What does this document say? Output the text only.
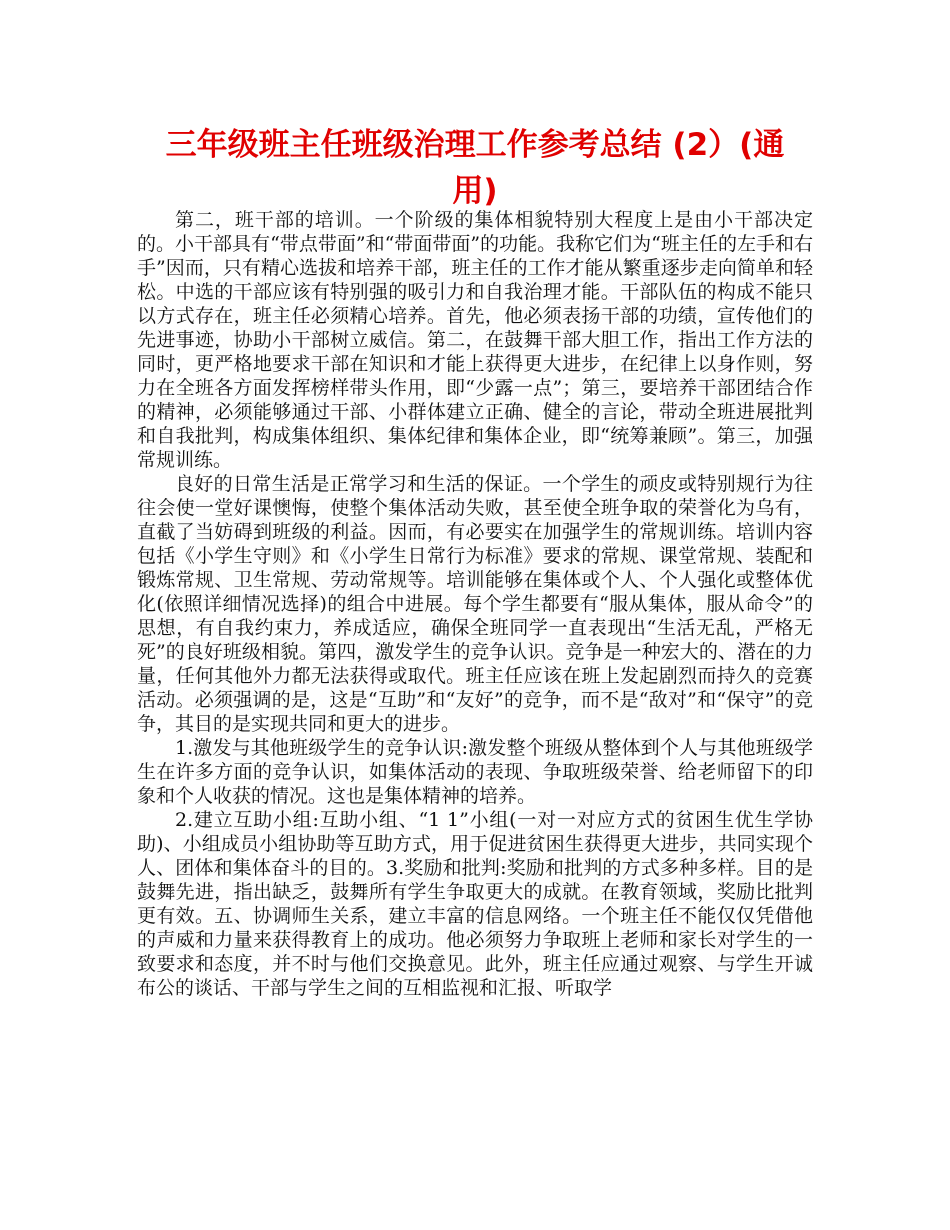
三年级班主任班级治理工作参考总结 (2）(通用)

第二，班干部的培训。一个阶级的集体相貌特别大程度上是由小干部决定的。小干部具有“带点带面”和“带面带面”的功能。我称它们为“班主任的左手和右手”因而，只有精心选拔和培养干部，班主任的工作才能从繁重逐步走向简单和轻松。中选的干部应该有特别强的吸引力和自我治理才能。干部队伍的构成不能只以方式存在，班主任必须精心培养。首先，他必须表扬干部的功绩，宣传他们的先进事迹，协助小干部树立威信。第二，在鼓舞干部大胆工作，指出工作方法的同时，更严格地要求干部在知识和才能上获得更大进步，在纪律上以身作则，努力在全班各方面发挥榜样带头作用，即“少露一点”；第三，要培养干部团结合作的精神，必须能够通过干部、小群体建立正确、健全的言论，带动全班进展批判和自我批判，构成集体组织、集体纪律和集体企业，即“统筹兼顾”。第三，加强常规训练。

良好的日常生活是正常学习和生活的保证。一个学生的顽皮或特别规行为往往会使一堂好课懊悔，使整个集体活动失败，甚至使全班争取的荣誉化为乌有，直截了当妨碍到班级的利益。因而，有必要实在加强学生的常规训练。培训内容包括《小学生守则》和《小学生日常行为标准》要求的常规、课堂常规、装配和锻炼常规、卫生常规、劳动常规等。培训能够在集体或个人、个人强化或整体优化(依照详细情况选择)的组合中进展。每个学生都要有“服从集体，服从命令”的思想，有自我约束力，养成适应，确保全班同学一直表现出“生活无乱，严格无死”的良好班级相貌。第四，激发学生的竞争认识。竞争是一种宏大的、潜在的力量，任何其他外力都无法获得或取代。班主任应该在班上发起剧烈而持久的竞赛活动。必须强调的是，这是“互助”和“友好”的竞争，而不是“敌对”和“保守”的竞争，其目的是实现共同和更大的进步。

1.激发与其他班级学生的竞争认识:激发整个班级从整体到个人与其他班级学生在许多方面的竞争认识，如集体活动的表现、争取班级荣誉、给老师留下的印象和个人收获的情况。这也是集体精神的培养。

2.建立互助小组:互助小组、“1 1”小组(一对一对应方式的贫困生优生学协助)、小组成员小组协助等互助方式，用于促进贫困生获得更大进步，共同实现个人、团体和集体奋斗的目的。3.奖励和批判:奖励和批判的方式多种多样。目的是鼓舞先进，指出缺乏，鼓舞所有学生争取更大的成就。在教育领域，奖励比批判更有效。五、协调师生关系，建立丰富的信息网络。一个班主任不能仅仅凭借他的声威和力量来获得教育上的成功。他必须努力争取班上老师和家长对学生的一致要求和态度，并不时与他们交换意见。此外，班主任应通过观察、与学生开诚布公的谈话、干部与学生之间的互相监视和汇报、听取学
